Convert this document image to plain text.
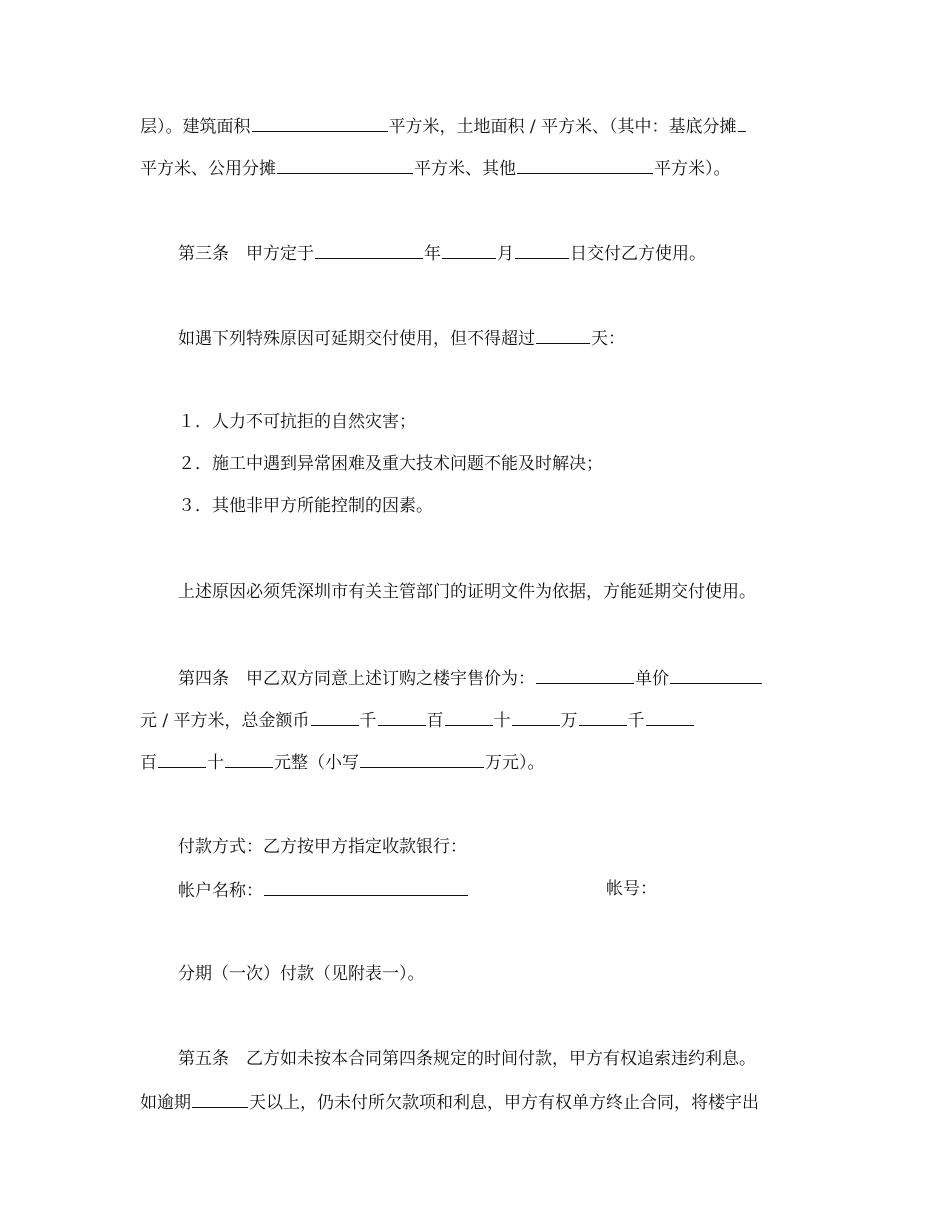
层）。建筑面积	平方米，土地面积 / 平方米、（其中：基底分摊
平方米、公用分摊	平方米、其他	平方米）。
第三条　甲方定于	年	月	日交付乙方使用。
如遇下列特殊原因可延期交付使用，但不得超过	天：
１．人力不可抗拒的自然灾害；
２．施工中遇到异常困难及重大技术问题不能及时解决；
３．其他非甲方所能控制的因素。
上述原因必须凭深圳市有关主管部门的证明文件为依据，方能延期交付使用。
第四条　甲乙双方同意上述订购之楼宇售价为：	单价
元 / 平方米，总金额币	千	百	十	万	千
百	十	元整（小写	万元）。
付款方式：乙方按甲方指定收款银行：
帐户名称：	帐号：
分期（一次）付款（见附表一）。
第五条　乙方如未按本合同第四条规定的时间付款，甲方有权追索违约利息。
如逾期	天以上，仍未付所欠款项和利息，甲方有权单方终止合同，将楼宇出
